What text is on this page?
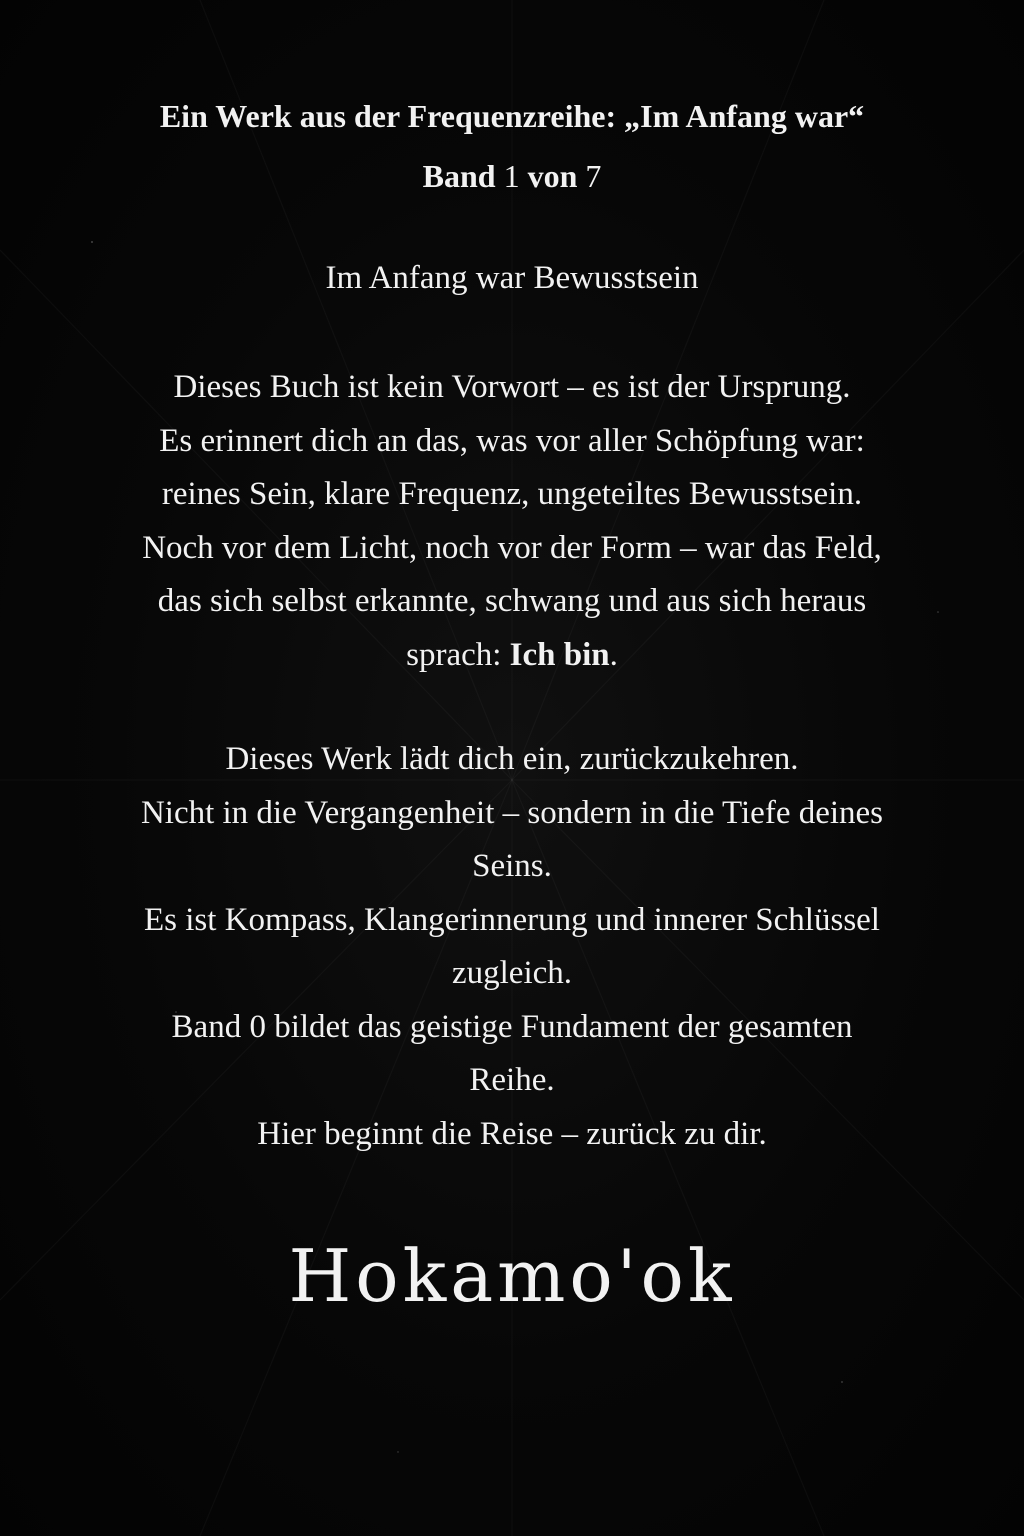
Ein Werk aus der Frequenzreihe: „Im Anfang war“

Band 1 von 7

Im Anfang war Bewusstsein

Dieses Buch ist kein Vorwort – es ist der Ursprung.
Es erinnert dich an das, was vor aller Schöpfung war:
reines Sein, klare Frequenz, ungeteiltes Bewusstsein.
Noch vor dem Licht, noch vor der Form – war das Feld,
das sich selbst erkannte, schwang und aus sich heraus
sprach: Ich bin.

Dieses Werk lädt dich ein, zurückzukehren.
Nicht in die Vergangenheit – sondern in die Tiefe deines
Seins.
Es ist Kompass, Klangerinnerung und innerer Schlüssel
zugleich.
Band 0 bildet das geistige Fundament der gesamten
Reihe.
Hier beginnt die Reise – zurück zu dir.

Hokamo'ok
